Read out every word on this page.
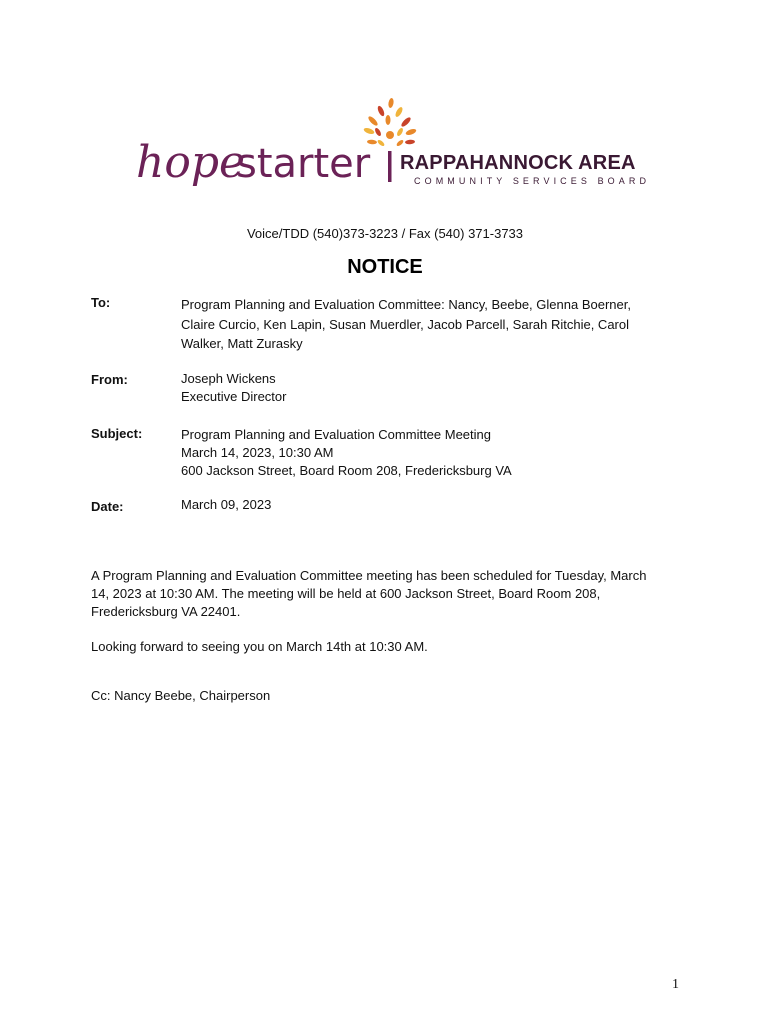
hope
starter RAPPAHANNOCK AREA
COMMUNITY SERVICES BOARD
Voice/TDD (540)373-3223 / Fax (540) 371-3733
NOTICE
To:	Program Planning and Evaluation Committee: Nancy, Beebe, Glenna Boerner,
Claire Curcio, Ken Lapin, Susan Muerdler, Jacob Parcell, Sarah Ritchie, Carol
Walker, Matt Zurasky
From:	Joseph Wickens
Executive Director
Subject:	Program Planning and Evaluation Committee Meeting
March 14, 2023, 10:30 AM
600 Jackson Street, Board Room 208, Fredericksburg VA
Date:	March 09, 2023
A Program Planning and Evaluation Committee meeting has been scheduled for Tuesday, March
14, 2023 at 10:30 AM. The meeting will be held at 600 Jackson Street, Board Room 208,
Fredericksburg VA 22401.
Looking forward to seeing you on March 14th at 10:30 AM.
Cc: Nancy Beebe, Chairperson
1
